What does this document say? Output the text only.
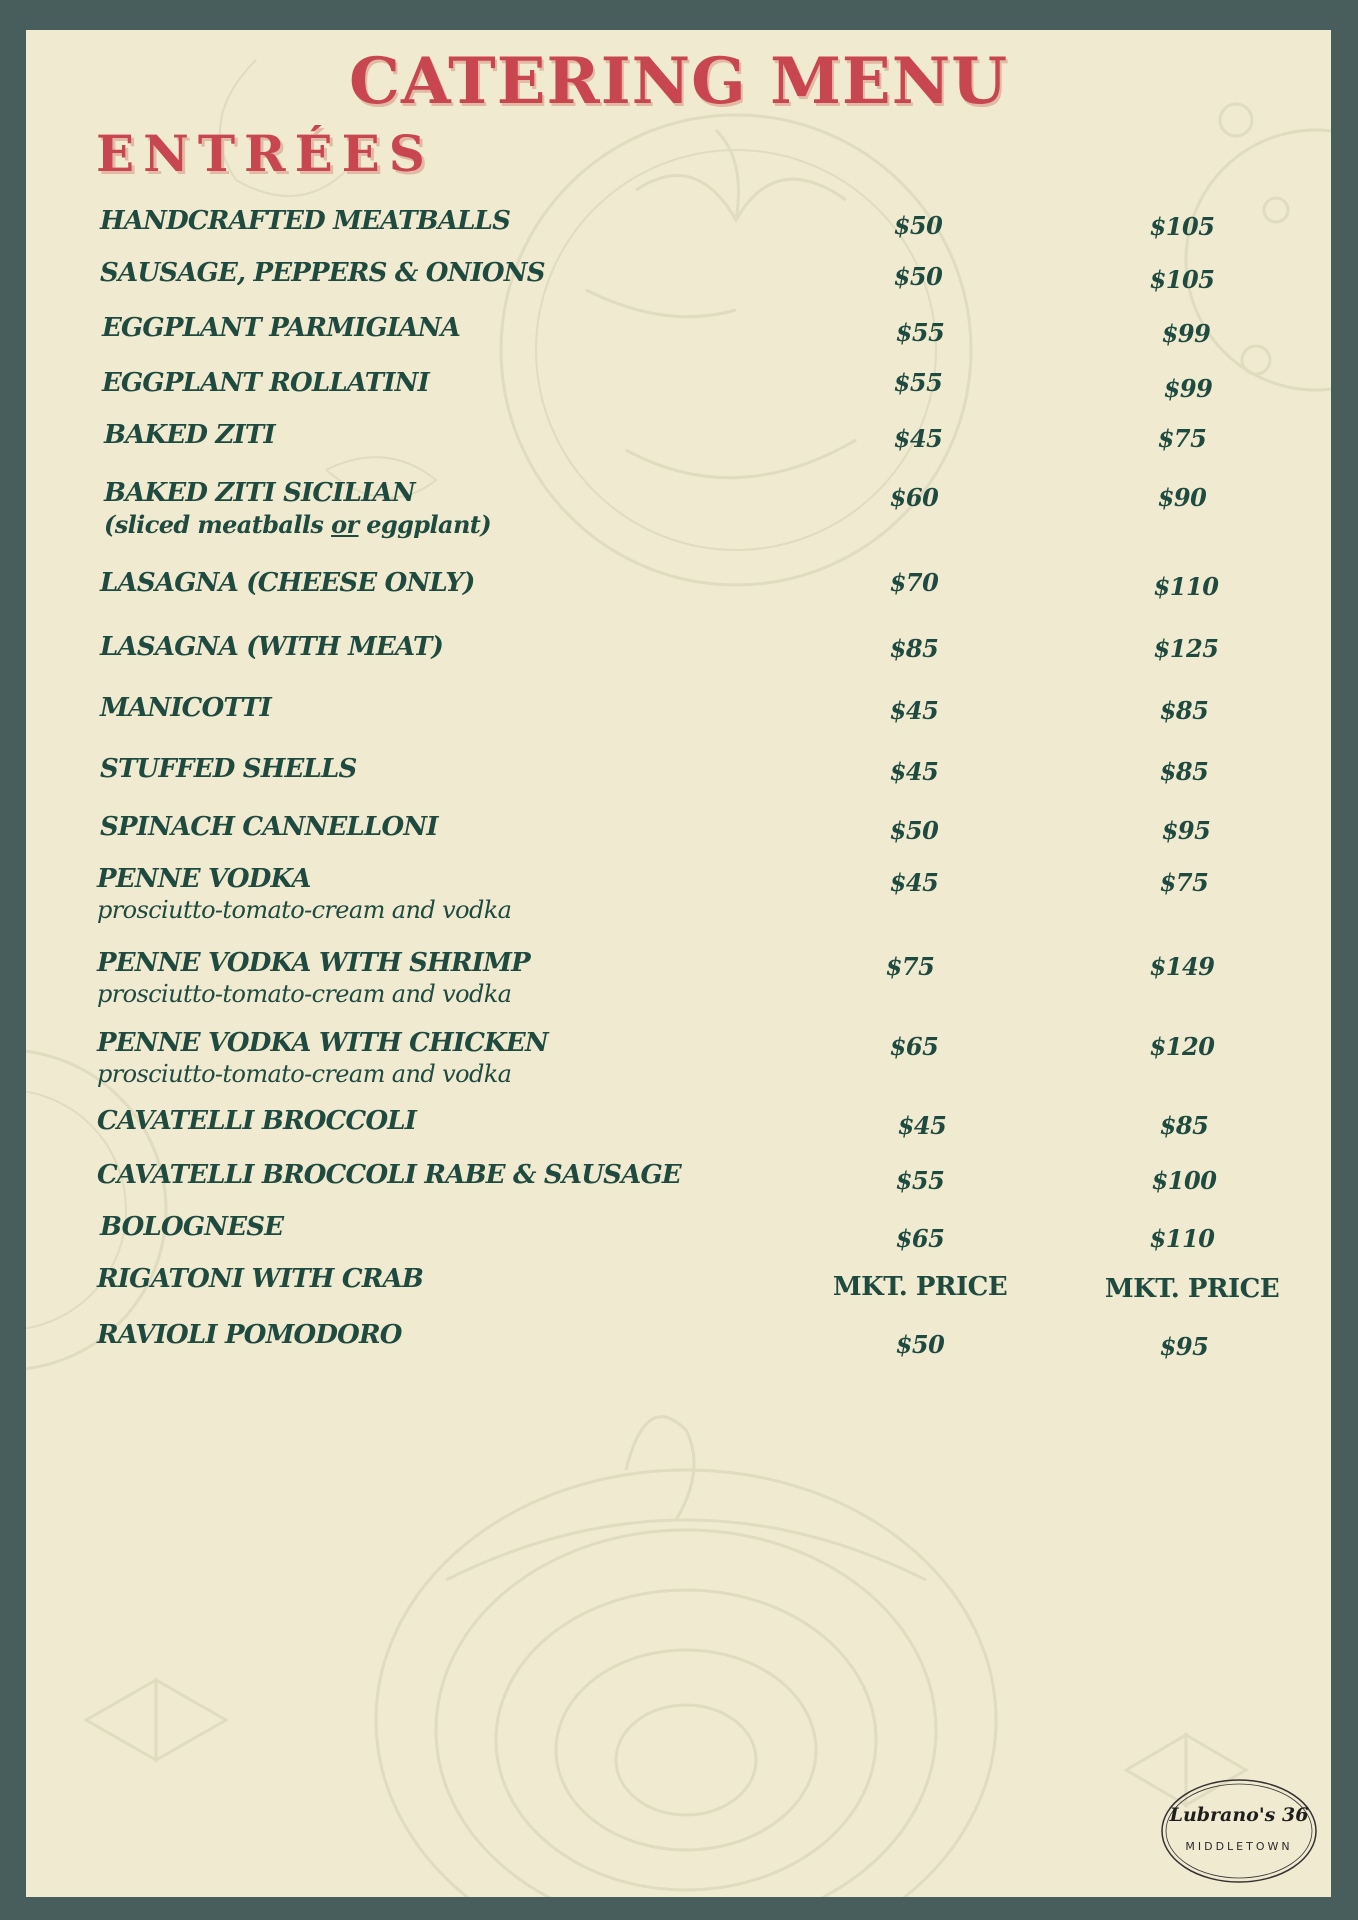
CATERING MENU
ENTRÉES
HANDCRAFTED MEATBALLS	$50	$105
SAUSAGE, PEPPERS & ONIONS	$50	$105
EGGPLANT PARMIGIANA	$55	$99
EGGPLANT ROLLATINI	$55	$99
BAKED ZITI	$45	$75
BAKED ZITI SICILIAN
(sliced meatballs or eggplant)
$60	$90
LASAGNA (CHEESE ONLY)	$70	$110
LASAGNA (WITH MEAT)	$85	$125
MANICOTTI	$45	$85
STUFFED SHELLS	$45	$85
SPINACH CANNELLONI	$50	$95
PENNE VODKA
prosciutto-tomato-cream and vodka
$45	$75
PENNE VODKA WITH SHRIMP
prosciutto-tomato-cream and vodka
$75	$149
PENNE VODKA WITH CHICKEN
prosciutto-tomato-cream and vodka
$65	$120
CAVATELLI BROCCOLI	$45	$85
CAVATELLI BROCCOLI RABE & SAUSAGE	$55	$100
BOLOGNESE	$65	$110
RIGATONI WITH CRAB	MKT. PRICE	MKT. PRICE
RAVIOLI POMODORO	$50	$95
Lubrano's 36
MIDDLETOWN
